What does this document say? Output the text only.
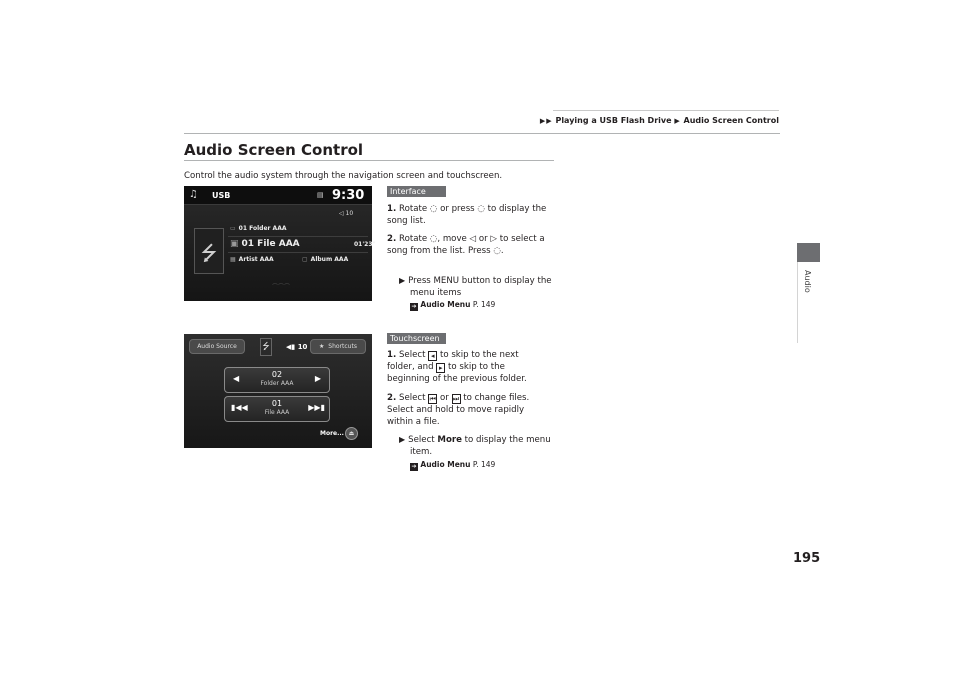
▶▶ Playing a USB Flash Drive ▶ Audio Screen Control
Audio
Audio Screen Control
Control the audio system through the navigation screen and touchscreen.
♫ USB	▤ 9:30
⭍
◁ 10
▭ 01 Folder AAA
▣ 01 File AAA	01'23"
▦ Artist AAA	▢ Album AAA
⌒⌒⌒
Audio Source	⭍	◀▮ 10	★ Shortcuts
◀	02
Folder AAA
▶
▮◀◀	01
File AAA
▶▶▮
More... ⏏
Interface Dial
1. Rotate ◌ or press ◌ to display the song list.
2. Rotate ◌, move ◁ or ▷ to select a song from the list. Press ◌.
▶ Press MENU button to display the menu items
➔ Audio Menu P. 149
Touchscreen
1. Select ◂ to skip to the next folder, and ▸ to skip to the beginning of the previous folder.
2. Select ⏮ or ⏭ to change files. Select and hold to move rapidly within a file.
▶ Select More to display the menu item.
➔ Audio Menu P. 149
195
